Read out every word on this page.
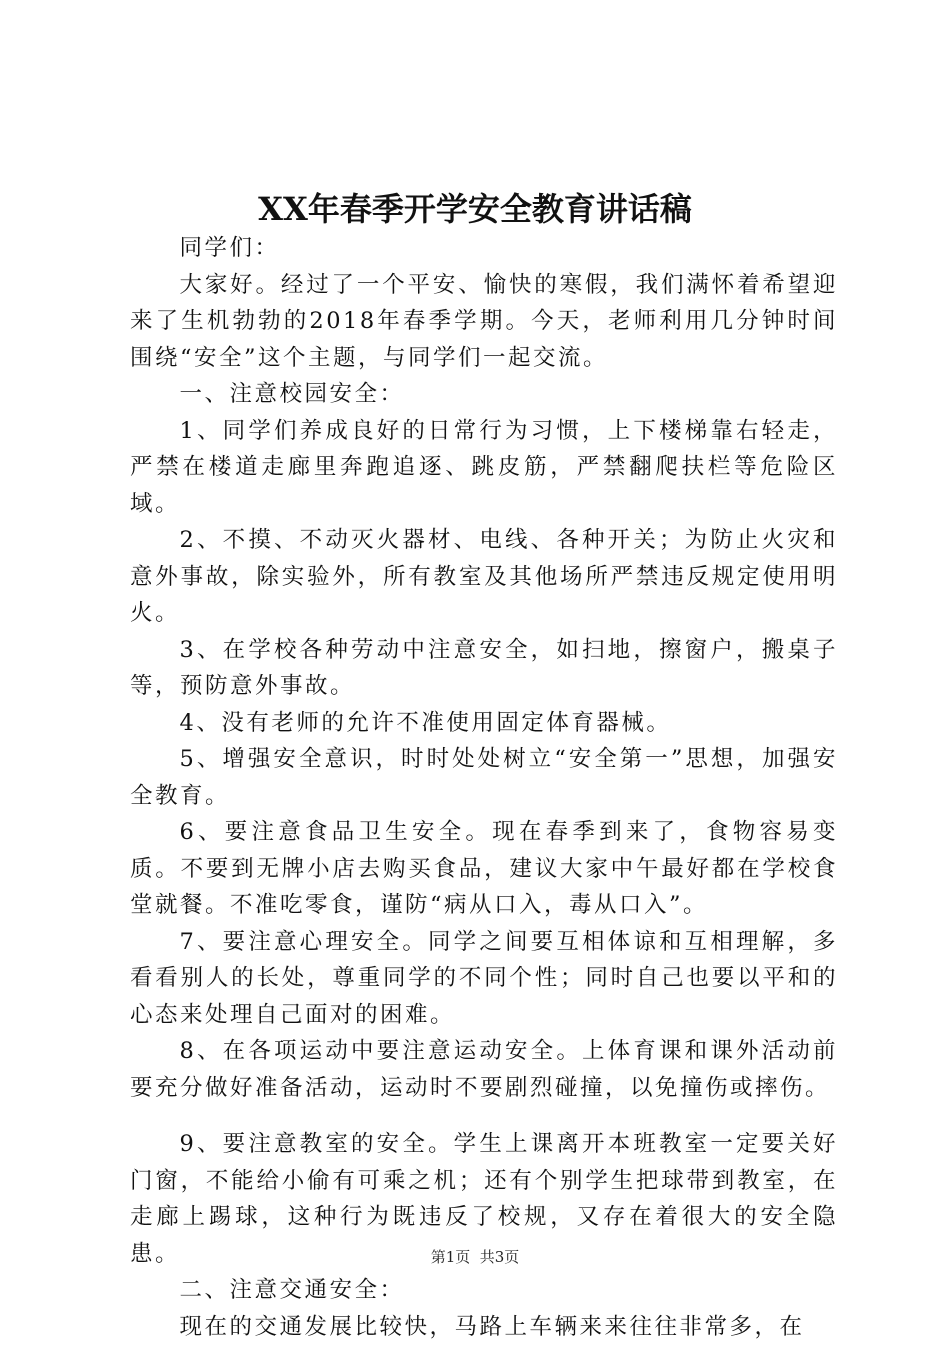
XX年春季开学安全教育讲话稿

同学们：

大家好。经过了一个平安、愉快的寒假，我们满怀着希望迎来了生机勃勃的2018年春季学期。今天，老师利用几分钟时间围绕“安全”这个主题，与同学们一起交流。

一、注意校园安全：

1、同学们养成良好的日常行为习惯，上下楼梯靠右轻走，严禁在楼道走廊里奔跑追逐、跳皮筋，严禁翻爬扶栏等危险区域。

2、不摸、不动灭火器材、电线、各种开关；为防止火灾和意外事故，除实验外，所有教室及其他场所严禁违反规定使用明火。

3、在学校各种劳动中注意安全，如扫地，擦窗户，搬桌子等，预防意外事故。

4、没有老师的允许不准使用固定体育器械。

5、增强安全意识，时时处处树立“安全第一”思想，加强安全教育。

6、要注意食品卫生安全。现在春季到来了，食物容易变质。不要到无牌小店去购买食品，建议大家中午最好都在学校食堂就餐。不准吃零食，谨防“病从口入，毒从口入”。

7、要注意心理安全。同学之间要互相体谅和互相理解，多看看别人的长处，尊重同学的不同个性；同时自己也要以平和的心态来处理自己面对的困难。

8、在各项运动中要注意运动安全。上体育课和课外活动前要充分做好准备活动，运动时不要剧烈碰撞，以免撞伤或摔伤。

9、要注意教室的安全。学生上课离开本班教室一定要关好门窗，不能给小偷有可乘之机；还有个别学生把球带到教室，在走廊上踢球，这种行为既违反了校规，又存在着很大的安全隐患。

二、注意交通安全：

现在的交通发展比较快，马路上车辆来来往往非常多，在

第1页  共3页
